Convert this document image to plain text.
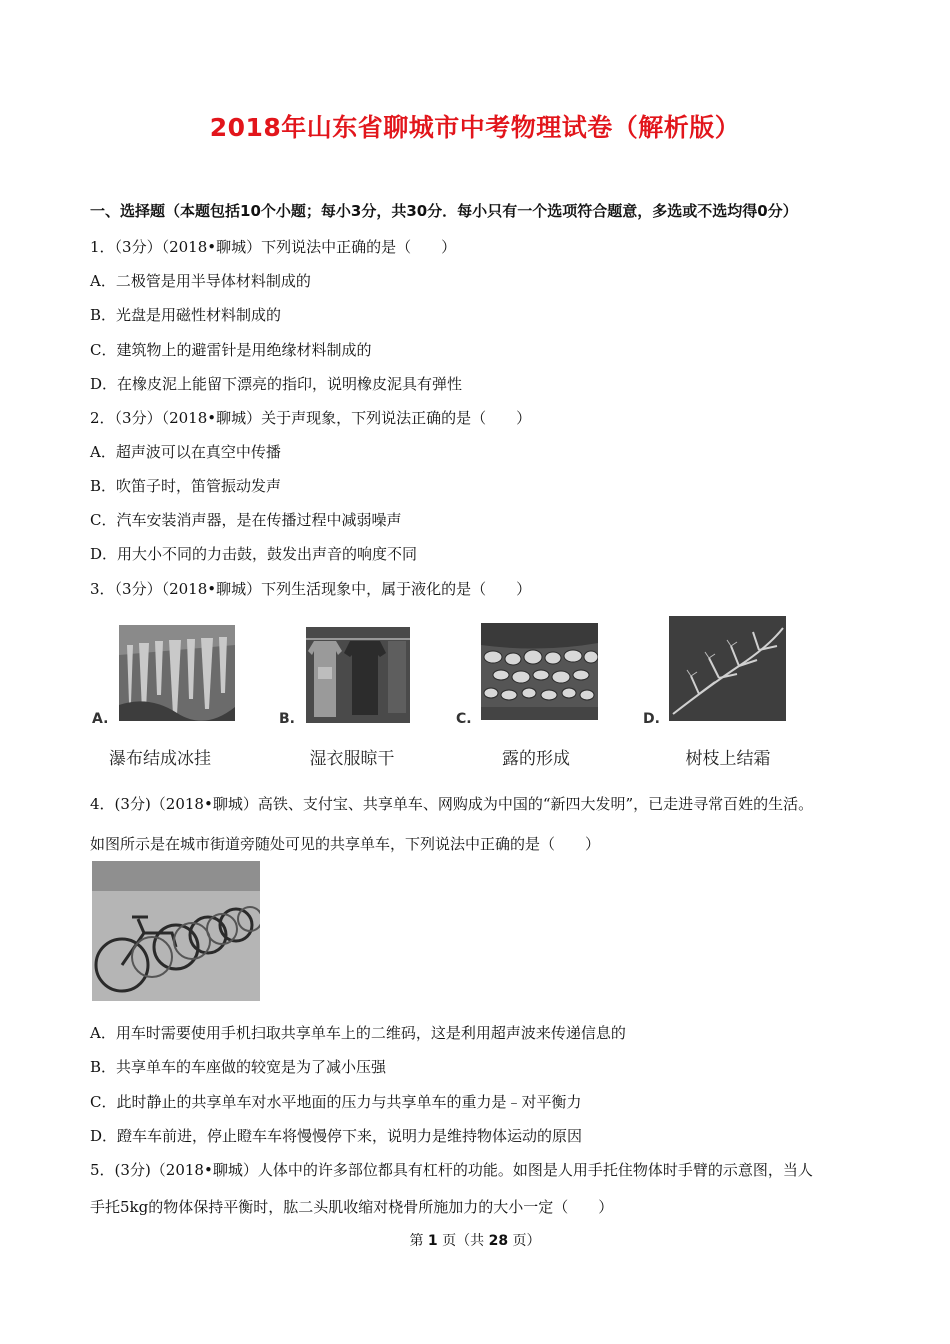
2018年山东省聊城市中考物理试卷（解析版）
一、选择题（本题包括10个小题；每小3分，共30分．每小只有一个选项符合题意，多选或不选均得0分）
1．（3分）（2018•聊城）下列说法中正确的是（　　）
A．二极管是用半导体材料制成的
B．光盘是用磁性材料制成的
C．建筑物上的避雷针是用绝缘材料制成的
D．在橡皮泥上能留下漂亮的指印，说明橡皮泥具有弹性
2．（3分）（2018•聊城）关于声现象，下列说法正确的是（　　）
A．超声波可以在真空中传播
B．吹笛子时，笛管振动发声
C．汽车安装消声器，是在传播过程中减弱噪声
D．用大小不同的力击鼓，鼓发出声音的响度不同
3．（3分）（2018•聊城）下列生活现象中，属于液化的是（　　）
A.
瀑布结成冰挂
B.
湿衣服晾干
C.
露的形成
D.
树枝上结霜
4．(3分)（2018•聊城）高铁、支付宝、共享单车、网购成为中国的“新四大发明”，已走进寻常百姓的生活。
如图所示是在城市街道旁随处可见的共享单车，下列说法中正确的是（　　）
A．用车时需要使用手机扫取共享单车上的二维码，这是利用超声波来传递信息的
B．共享单车的车座做的较宽是为了减小压强
C．此时静止的共享单车对水平地面的压力与共享单车的重力是﹣对平衡力
D．蹬车车前进，停止瞪车车将慢慢停下来，说明力是维持物体运动的原因
5．(3分)（2018•聊城）人体中的许多部位都具有杠杆的功能。如图是人用手托住物体时手臂的示意图，当人
手托5kg的物体保持平衡时，肱二头肌收缩对桡骨所施加力的大小一定（　　）
第 1 页（共 28 页）
